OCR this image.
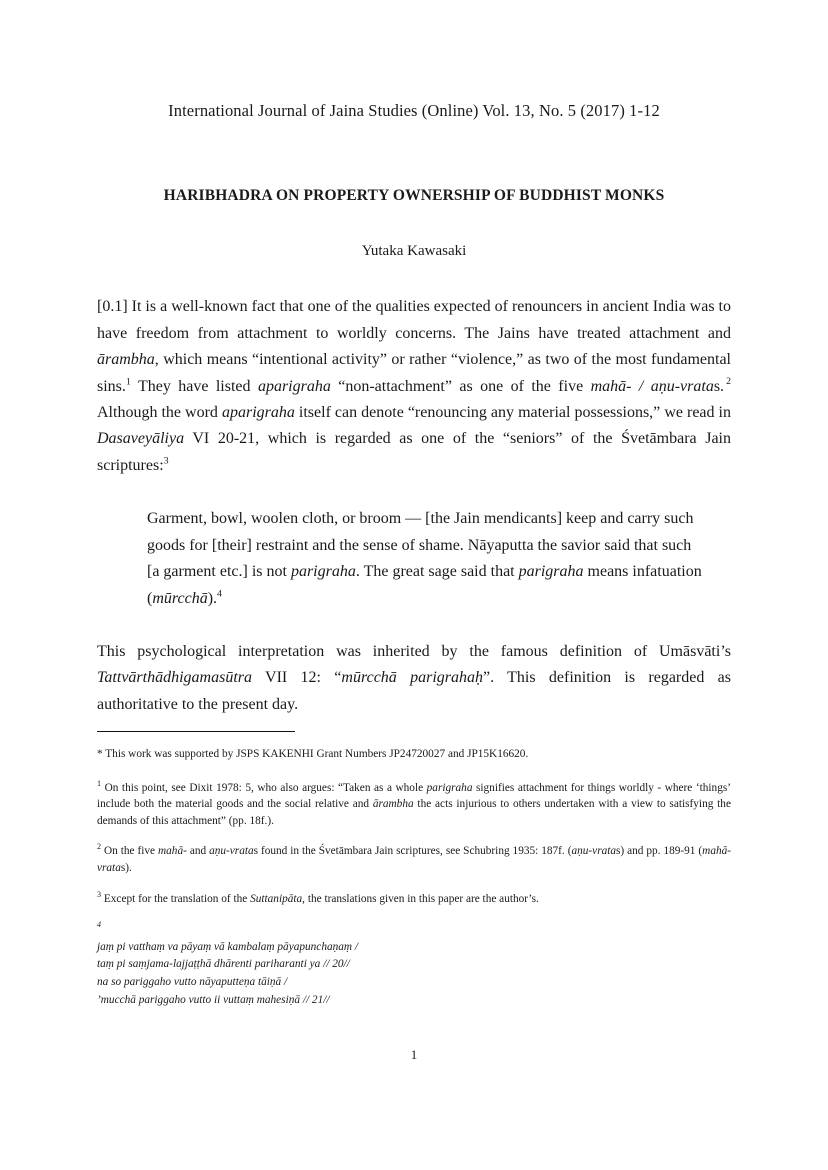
International Journal of Jaina Studies (Online) Vol. 13, No. 5 (2017) 1-12
HARIBHADRA ON PROPERTY OWNERSHIP OF BUDDHIST MONKS
Yutaka Kawasaki

[0.1] It is a well-known fact that one of the qualities expected of renouncers in ancient India was to have freedom from attachment to worldly concerns. The Jains have treated attachment and ārambha, which means “intentional activity” or rather “violence,” as two of the most fundamental sins.$^1$ They have listed aparigraha “non-attachment” as one of the five mahā- / aṇu-vratas. $^2$ Although the word aparigraha itself can denote “renouncing any material possessions,” we read in Dasaveyāliya VI 20-21, which is regarded as one of the “seniors” of the Śvetāmbara Jain scriptures:$^3$

Garment, bowl, woolen cloth, or broom — [the Jain mendicants] keep and carry such goods for [their] restraint and the sense of shame. Nāyaputta the savior said that such [a garment etc.] is not parigraha. The great sage said that parigraha means infatuation (mūrcchā).$^4$

This psychological interpretation was inherited by the famous definition of Umāsvāti’s Tattvārthādhigamasūtra VII 12: “mūrcchā parigrahaḥ”. This definition is regarded as authoritative to the present day.

* This work was supported by JSPS KAKENHI Grant Numbers JP24720027 and JP15K16620.

$^1$ On this point, see Dixit 1978: 5, who also argues: “Taken as a whole parigraha signifies attachment for things worldly - where ‘things’ include both the material goods and the social relative and ārambha the acts injurious to others undertaken with a view to satisfying the demands of this attachment” (pp. 18f.).

$^2$ On the five mahā- and aṇu-vratas found in the Śvetāmbara Jain scriptures, see Schubring 1935: 187f. (aṇu-vratas) and pp. 189-91 (mahā-vratas).

$^3$ Except for the translation of the Suttanipāta, the translations given in this paper are the author’s.

$^4$
jaṃ pi vatthaṃ va pāyaṃ vā kambalaṃ pāyapunchaṇaṃ /
taṃ pi saṃjama-lajjaṭṭhā dhārenti pariharanti ya // 20//
na so pariggaho vutto nāyaputteṇa tāiṇā /
’mucchā pariggaho vutto ii vuttaṃ mahesiṇā // 21//

1
